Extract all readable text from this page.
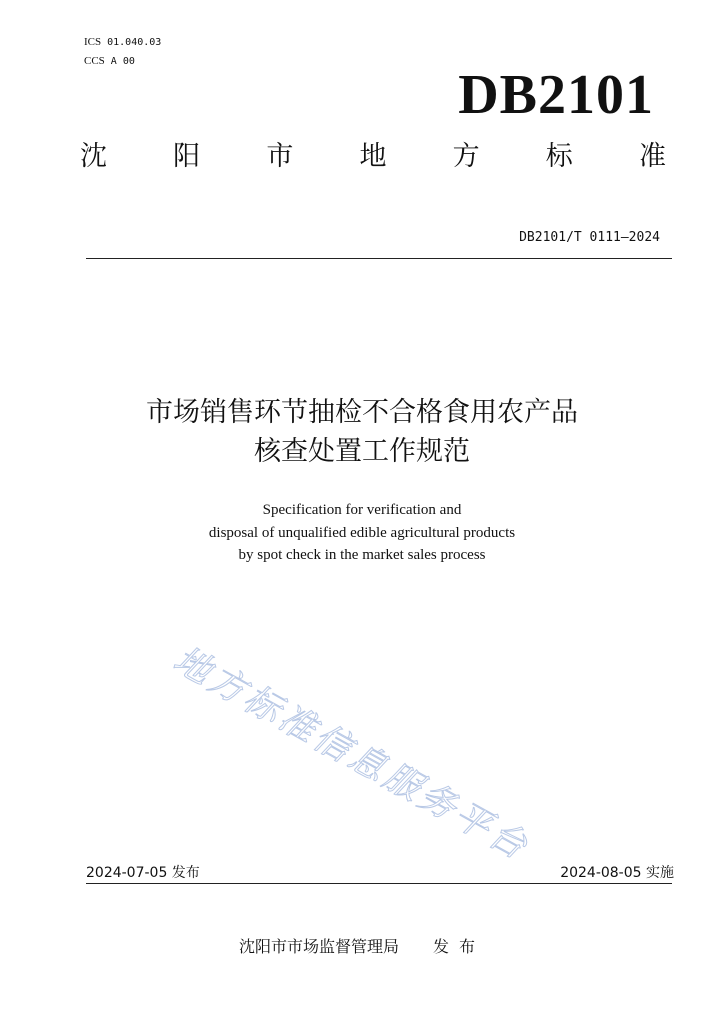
ICS 01.040.03
CCS A 00
DB2101
沈 阳 市 地 方 标 准
DB2101/T 0111—2024
市场销售环节抽检不合格食用农产品
核查处置工作规范
Specification for verification and
disposal of unqualified edible agricultural products
by spot check in the market sales process
地方标准信息服务平台
2024-07-05 发布	2024-08-05 实施
沈阳市市场监督管理局 发布
